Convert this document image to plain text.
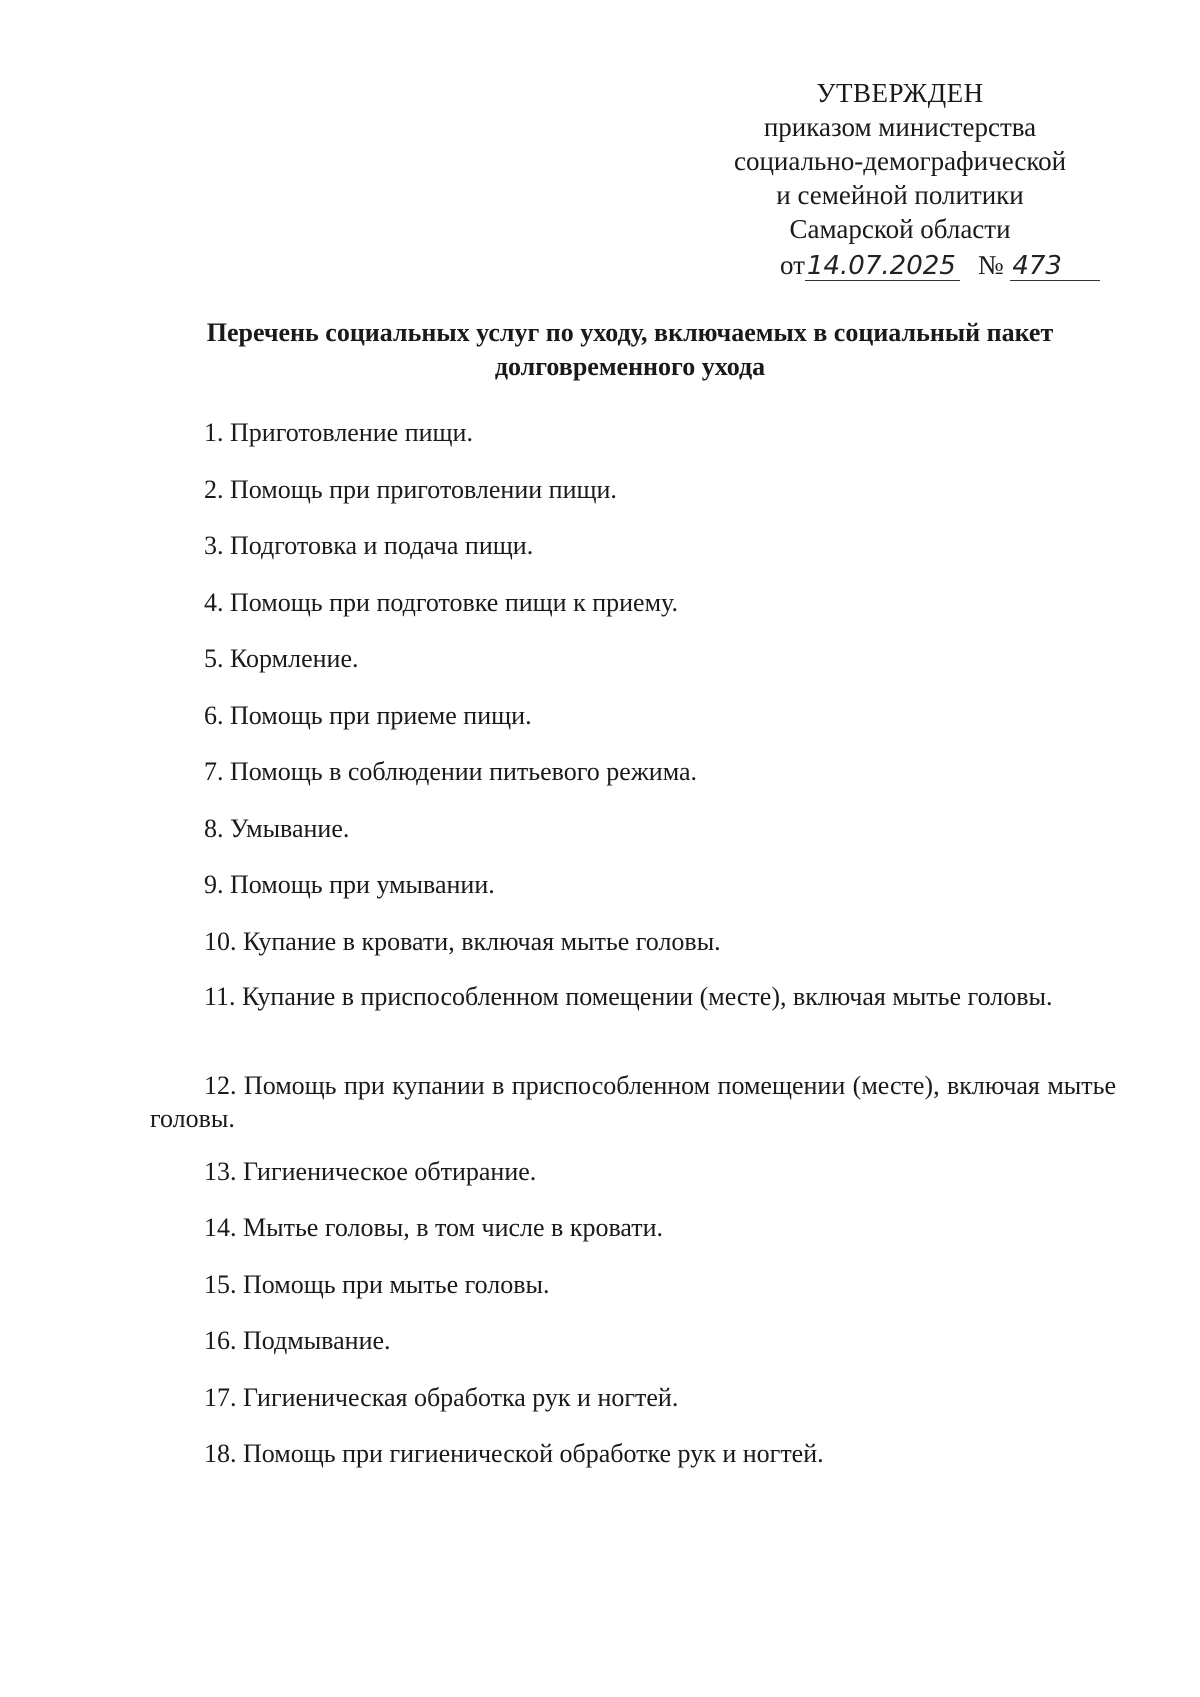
УТВЕРЖДЕН
приказом министерства
социально-демографической
и семейной политики
Самарской области
от14.07.2025 № 473
Перечень социальных услуг по уходу, включаемых в социальный пакет долговременного ухода
1. Приготовление пищи.
2. Помощь при приготовлении пищи.
3. Подготовка и подача пищи.
4. Помощь при подготовке пищи к приему.
5. Кормление.
6. Помощь при приеме пищи.
7. Помощь в соблюдении питьевого режима.
8. Умывание.
9. Помощь при умывании.
10. Купание в кровати, включая мытье головы.
11. Купание в приспособленном помещении (месте), включая мытье головы.
12. Помощь при купании в приспособленном помещении (месте), включая мытье головы.
13. Гигиеническое обтирание.
14. Мытье головы, в том числе в кровати.
15. Помощь при мытье головы.
16. Подмывание.
17. Гигиеническая обработка рук и ногтей.
18. Помощь при гигиенической обработке рук и ногтей.
